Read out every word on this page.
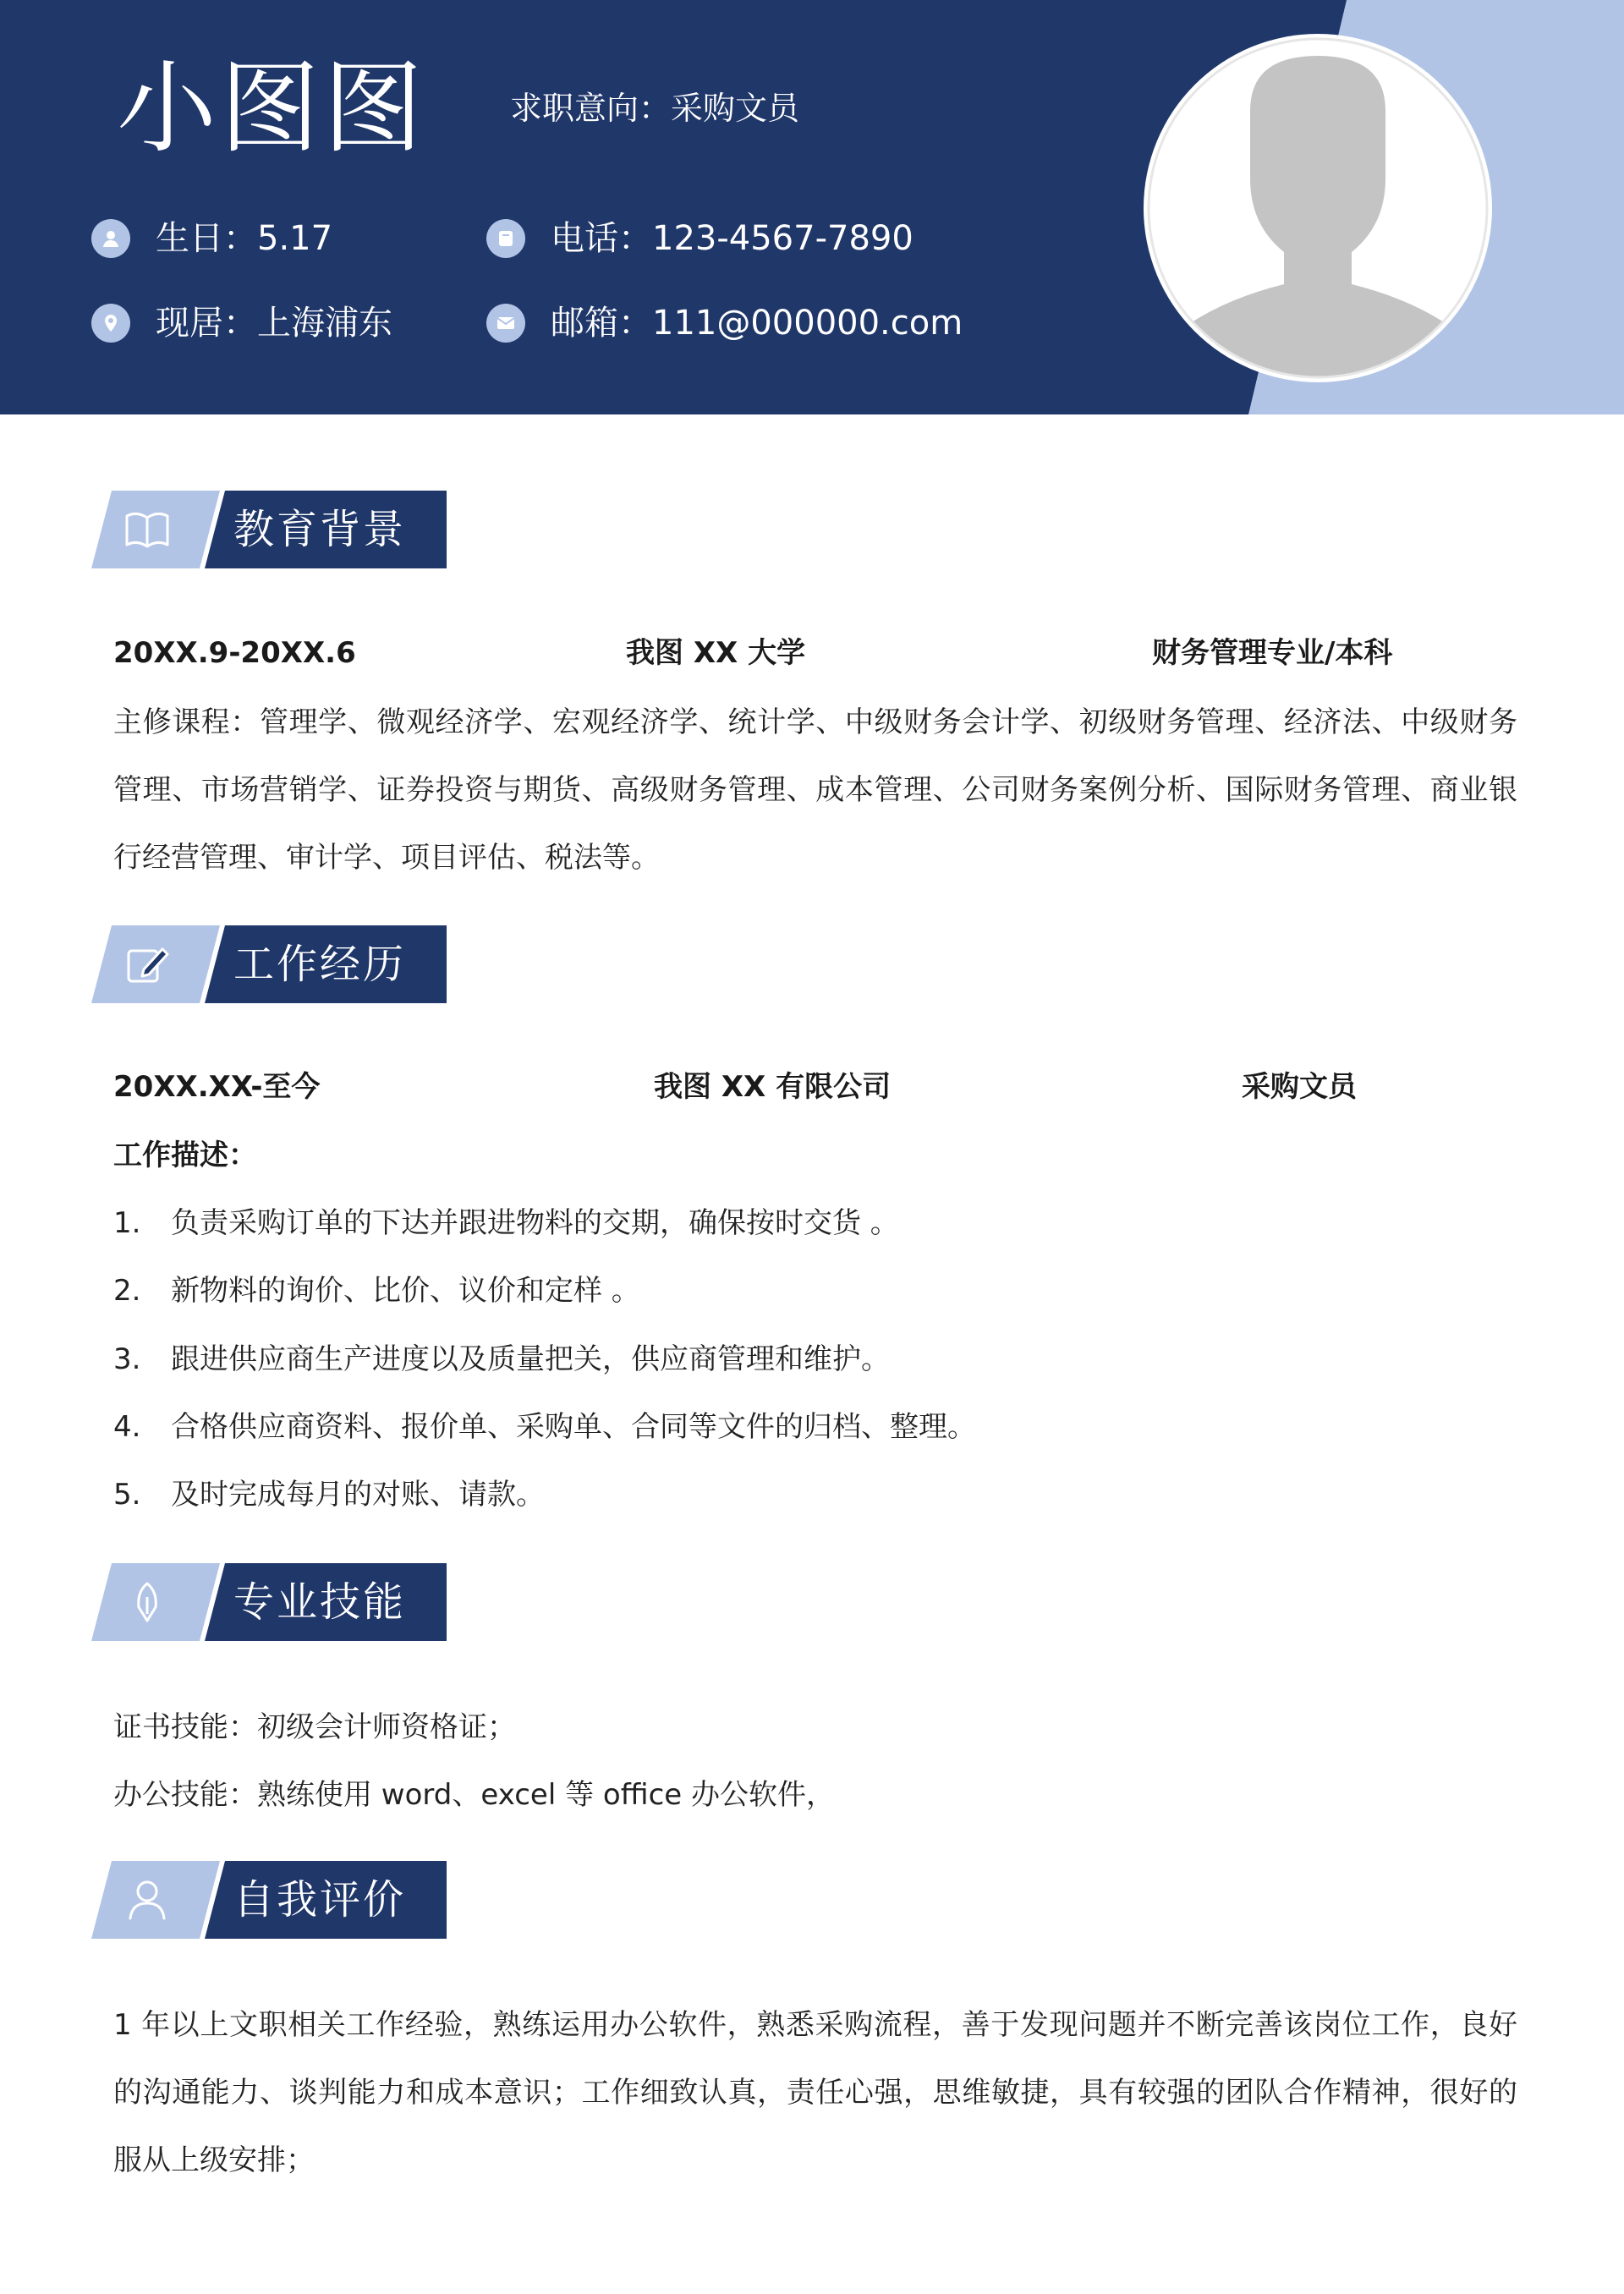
小图图	求职意向：采购文员
生日：5.17	电话：123-4567-7890
现居：上海浦东	邮箱：111@000000.com
教育背景
20XX.9-20XX.6	我图 XX 大学	财务管理专业/本科
主修课程：管理学、微观经济学、宏观经济学、统计学、中级财务会计学、初级财务管理、经济法、中级财务管理、市场营销学、证券投资与期货、高级财务管理、成本管理、公司财务案例分析、国际财务管理、商业银行经营管理、审计学、项目评估、税法等。
工作经历
20XX.XX-至今	我图 XX 有限公司	采购文员
工作描述：
1.	负责采购订单的下达并跟进物料的交期，确保按时交货 。
2.	新物料的询价、比价、议价和定样 。
3.	跟进供应商生产进度以及质量把关，供应商管理和维护。
4.	合格供应商资料、报价单、采购单、合同等文件的归档、整理。
5.	及时完成每月的对账、请款。
专业技能
证书技能：初级会计师资格证；
办公技能：熟练使用 word、excel 等 office 办公软件，
自我评价
1 年以上文职相关工作经验，熟练运用办公软件，熟悉采购流程，善于发现问题并不断完善该岗位工作，良好的沟通能力、谈判能力和成本意识；工作细致认真，责任心强，思维敏捷，具有较强的团队合作精神，很好的服从上级安排；
